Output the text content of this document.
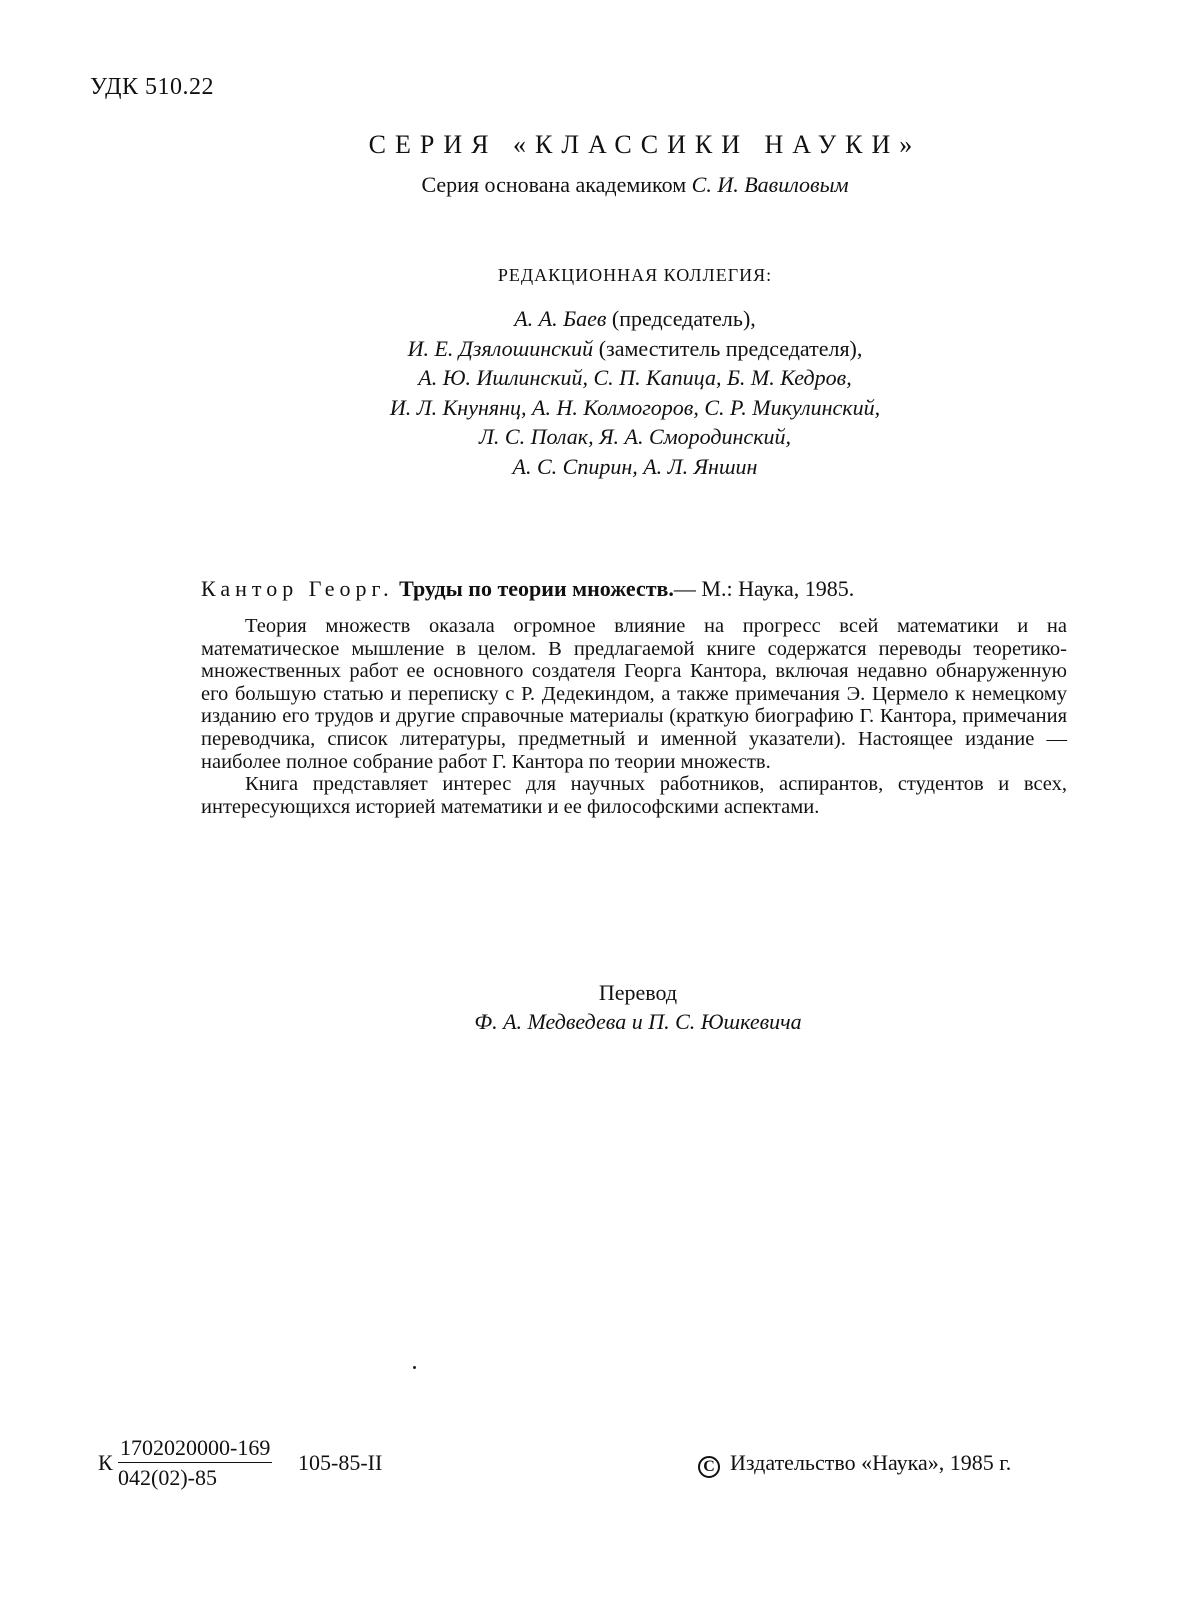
УДК 510.22
СЕРИЯ «КЛАССИКИ НАУКИ»
Серия основана академиком С. И. Вавиловым
РЕДАКЦИОННАЯ КОЛЛЕГИЯ:
А. А. Баев (председатель),
И. Е. Дзялошинский (заместитель председателя),
А. Ю. Ишлинский, С. П. Капица, Б. М. Кедров,
И. Л. Кнунянц, А. Н. Колмогоров, С. Р. Микулинский,
Л. С. Полак, Я. А. Смородинский,
А. С. Спирин, А. Л. Яншин
Кантор Георг. Труды по теории множеств.— М.: Наука, 1985.

Теория множеств оказала огромное влияние на прогресс всей математики и на математическое мышление в целом. В предлагаемой книге содержатся переводы теоретико-множественных работ ее основного создателя Георга Кантора, включая недавно обнаруженную его большую статью и переписку с Р. Дедекиндом, а также примечания Э. Цермело к немецкому изданию его трудов и другие справочные материалы (краткую биографию Г. Кантора, примечания переводчика, список литературы, предметный и именной указатели). Настоящее издание — наиболее полное собрание работ Г. Кантора по теории множеств.

Книга представляет интерес для научных работников, аспирантов, студентов и всех, интересующихся историей математики и ее философскими аспектами.

Перевод
Ф. А. Медведева и П. С. Юшкевича
К
1702020000-169
042(02)-85
105-85-II	С Издательство «Наука», 1985 г.
